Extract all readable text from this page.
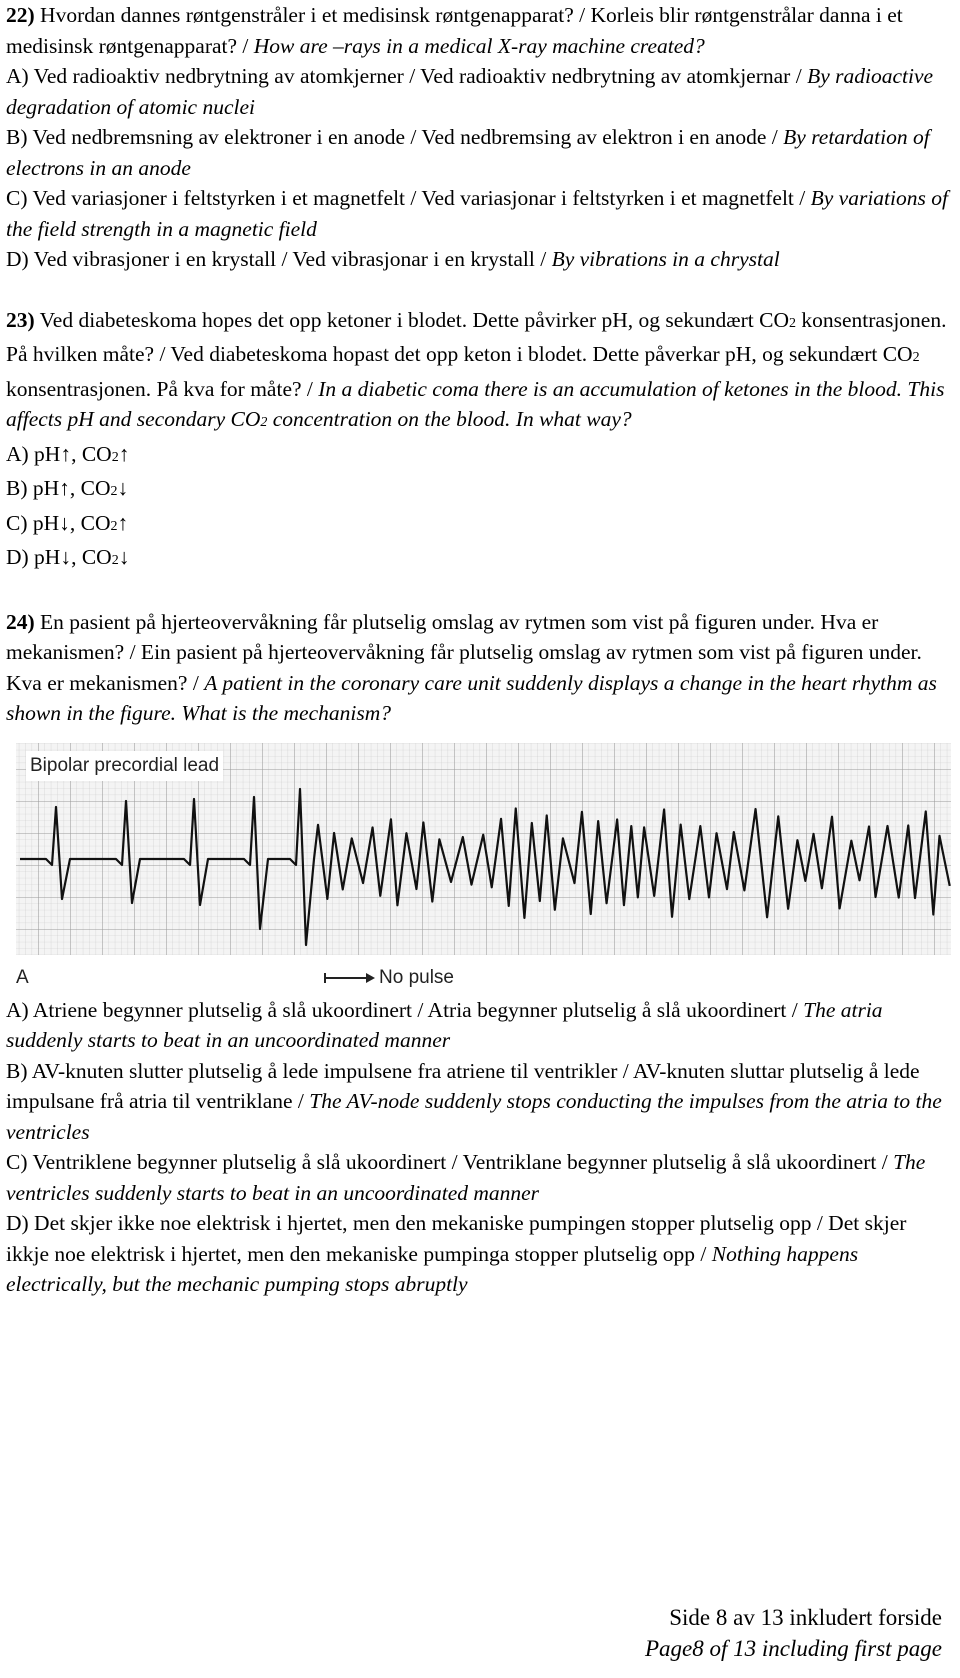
22) Hvordan dannes røntgenstråler i et medisinsk røntgenapparat? / Korleis blir røntgenstrålar danna i et medisinsk røntgenapparat? / How are –rays in a medical X-ray machine created?

A) Ved radioaktiv nedbrytning av atomkjerner / Ved radioaktiv nedbrytning av atomkjernar / By radioactive degradation of atomic nuclei

B) Ved nedbremsning av elektroner i en anode / Ved nedbremsing av elektron i en anode / By retardation of electrons in an anode

C) Ved variasjoner i feltstyrken i et magnetfelt / Ved variasjonar i feltstyrken i et magnetfelt / By variations of the field strength in a magnetic field

D) Ved vibrasjoner i en krystall / Ved vibrasjonar i en krystall / By vibrations in a chrystal

23) Ved diabeteskoma hopes det opp ketoner i blodet. Dette påvirker pH, og sekundært CO2 konsentrasjonen. På hvilken måte? / Ved diabeteskoma hopast det opp keton i blodet. Dette påverkar pH, og sekundært CO2 konsentrasjonen. På kva for måte? / In a diabetic coma there is an accumulation of ketones in the blood. This affects pH and secondary CO2 concentration on the blood. In what way?

A) pH↑, CO2↑

B) pH↑, CO2↓

C) pH↓, CO2↑

D) pH↓, CO2↓

24) En pasient på hjerteovervåkning får plutselig omslag av rytmen som vist på figuren under. Hva er mekanismen? / Ein pasient på hjerteovervåkning får plutselig omslag av rytmen som vist på figuren under. Kva er mekanismen? / A patient in the coronary care unit suddenly displays a change in the heart rhythm as shown in the figure. What is the mechanism?

Bipolar precordial lead
A	No pulse

A) Atriene begynner plutselig å slå ukoordinert / Atria begynner plutselig å slå ukoordinert / The atria suddenly starts to beat in an uncoordinated manner

B) AV-knuten slutter plutselig å lede impulsene fra atriene til ventrikler / AV-knuten sluttar plutselig å lede impulsane frå atria til ventriklane / The AV-node suddenly stops conducting the impulses from the atria to the ventricles

C) Ventriklene begynner plutselig å slå ukoordinert / Ventriklane begynner plutselig å slå ukoordinert / The ventricles suddenly starts to beat in an uncoordinated manner

D) Det skjer ikke noe elektrisk i hjertet, men den mekaniske pumpingen stopper plutselig opp / Det skjer ikkje noe elektrisk i hjertet, men den mekaniske pumpinga stopper plutselig opp / Nothing happens electrically, but the mechanic pumping stops abruptly

Side 8 av 13 inkludert forside
Page8 of 13 including first page
